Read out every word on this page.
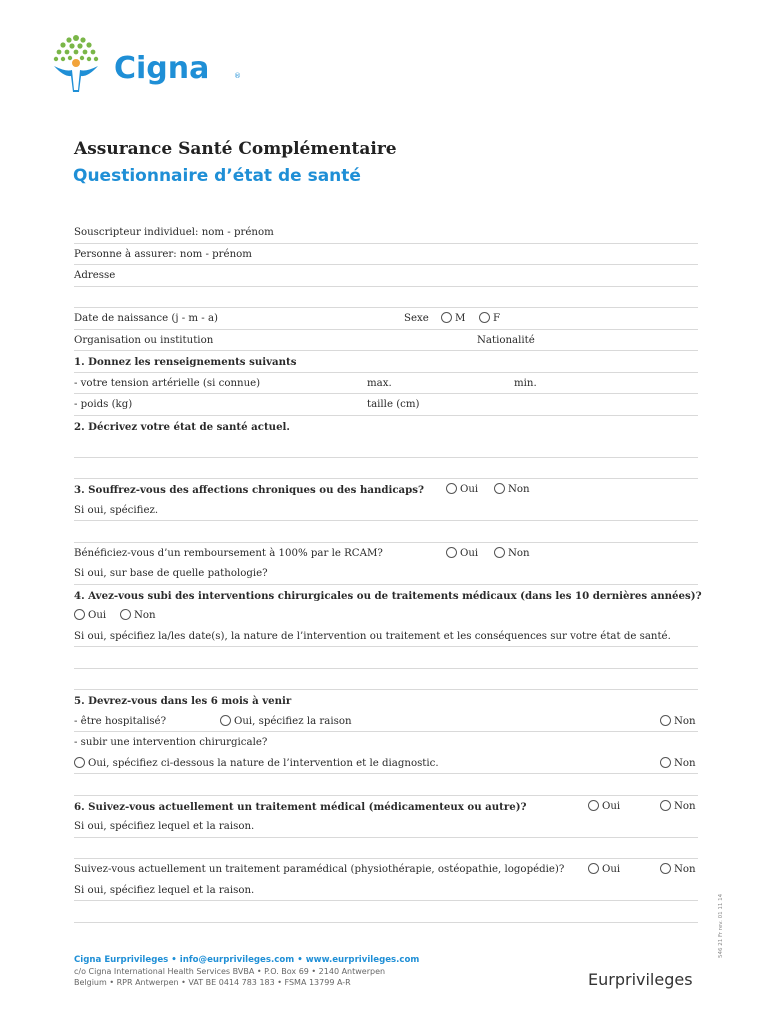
Cigna	®
Assurance Santé Complémentaire
Questionnaire d’état de santé
Souscripteur individuel: nom - prénom
Personne à assurer: nom - prénom
Adresse
Date de naissance (j - m - a)	Sexe	M	F
Organisation ou institution	Nationalité
1. Donnez les renseignements suivants
- votre tension artérielle (si connue)	max.	min.
- poids (kg)	taille (cm)
2. Décrivez votre état de santé actuel.
3. Souffrez-vous des affections chroniques ou des handicaps?	Oui	Non
Si oui, spécifiez.
Bénéficiez-vous d’un remboursement à 100% par le RCAM?	Oui	Non
Si oui, sur base de quelle pathologie?
4. Avez-vous subi des interventions chirurgicales ou de traitements médicaux (dans les 10 dernières années)?
Oui	Non
Si oui, spécifiez la/les date(s), la nature de l’intervention ou traitement et les conséquences sur votre état de santé.
5. Devrez-vous dans les 6 mois à venir
- être hospitalisé?	Oui, spécifiez la raison	Non
- subir une intervention chirurgicale?
Oui, spécifiez ci-dessous la nature de l’intervention et le diagnostic.	Non
6. Suivez-vous actuellement un traitement médical (médicamenteux ou autre)?	Oui	Non
Si oui, spécifiez lequel et la raison.
Suivez-vous actuellement un traitement paramédical (physiothérapie, ostéopathie, logopédie)?	Oui	Non
Si oui, spécifiez lequel et la raison.
Cigna Eurprivileges • info@eurprivileges.com • www.eurprivileges.com
c/o Cigna International Health Services BVBA • P.O. Box 69 • 2140 Antwerpen
Belgium • RPR Antwerpen • VAT BE 0414 783 183 • FSMA 13799 A-R	Eurprivileges
546 21 Fr rev. 01 11 14
